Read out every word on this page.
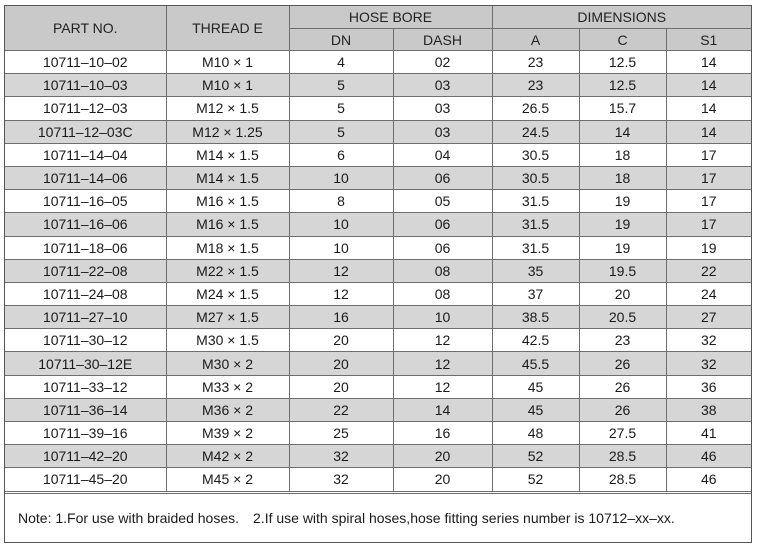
PART NO.	THREAD E	HOSE BORE		DIMENSIONS		
		DN	DASH	A	C	S1
10711–10–02	M10 × 1	4	02	23	12.5	14
10711–10–03	M10 × 1	5	03	23	12.5	14
10711–12–03	M12 × 1.5	5	03	26.5	15.7	14
10711–12–03C	M12 × 1.25	5	03	24.5	14	14
10711–14–04	M14 × 1.5	6	04	30.5	18	17
10711–14–06	M14 × 1.5	10	06	30.5	18	17
10711–16–05	M16 × 1.5	8	05	31.5	19	17
10711–16–06	M16 × 1.5	10	06	31.5	19	17
10711–18–06	M18 × 1.5	10	06	31.5	19	19
10711–22–08	M22 × 1.5	12	08	35	19.5	22
10711–24–08	M24 × 1.5	12	08	37	20	24
10711–27–10	M27 × 1.5	16	10	38.5	20.5	27
10711–30–12	M30 × 1.5	20	12	42.5	23	32
10711–30–12E	M30 × 2	20	12	45.5	26	32
10711–33–12	M33 × 2	20	12	45	26	36
10711–36–14	M36 × 2	22	14	45	26	38
10711–39–16	M39 × 2	25	16	48	27.5	41
10711–42–20	M42 × 2	32	20	52	28.5	46
10711–45–20	M45 × 2	32	20	52	28.5	46
Note: 1.For use with braided hoses. 2.If use with spiral hoses,hose fitting series number is 10712–xx–xx.
